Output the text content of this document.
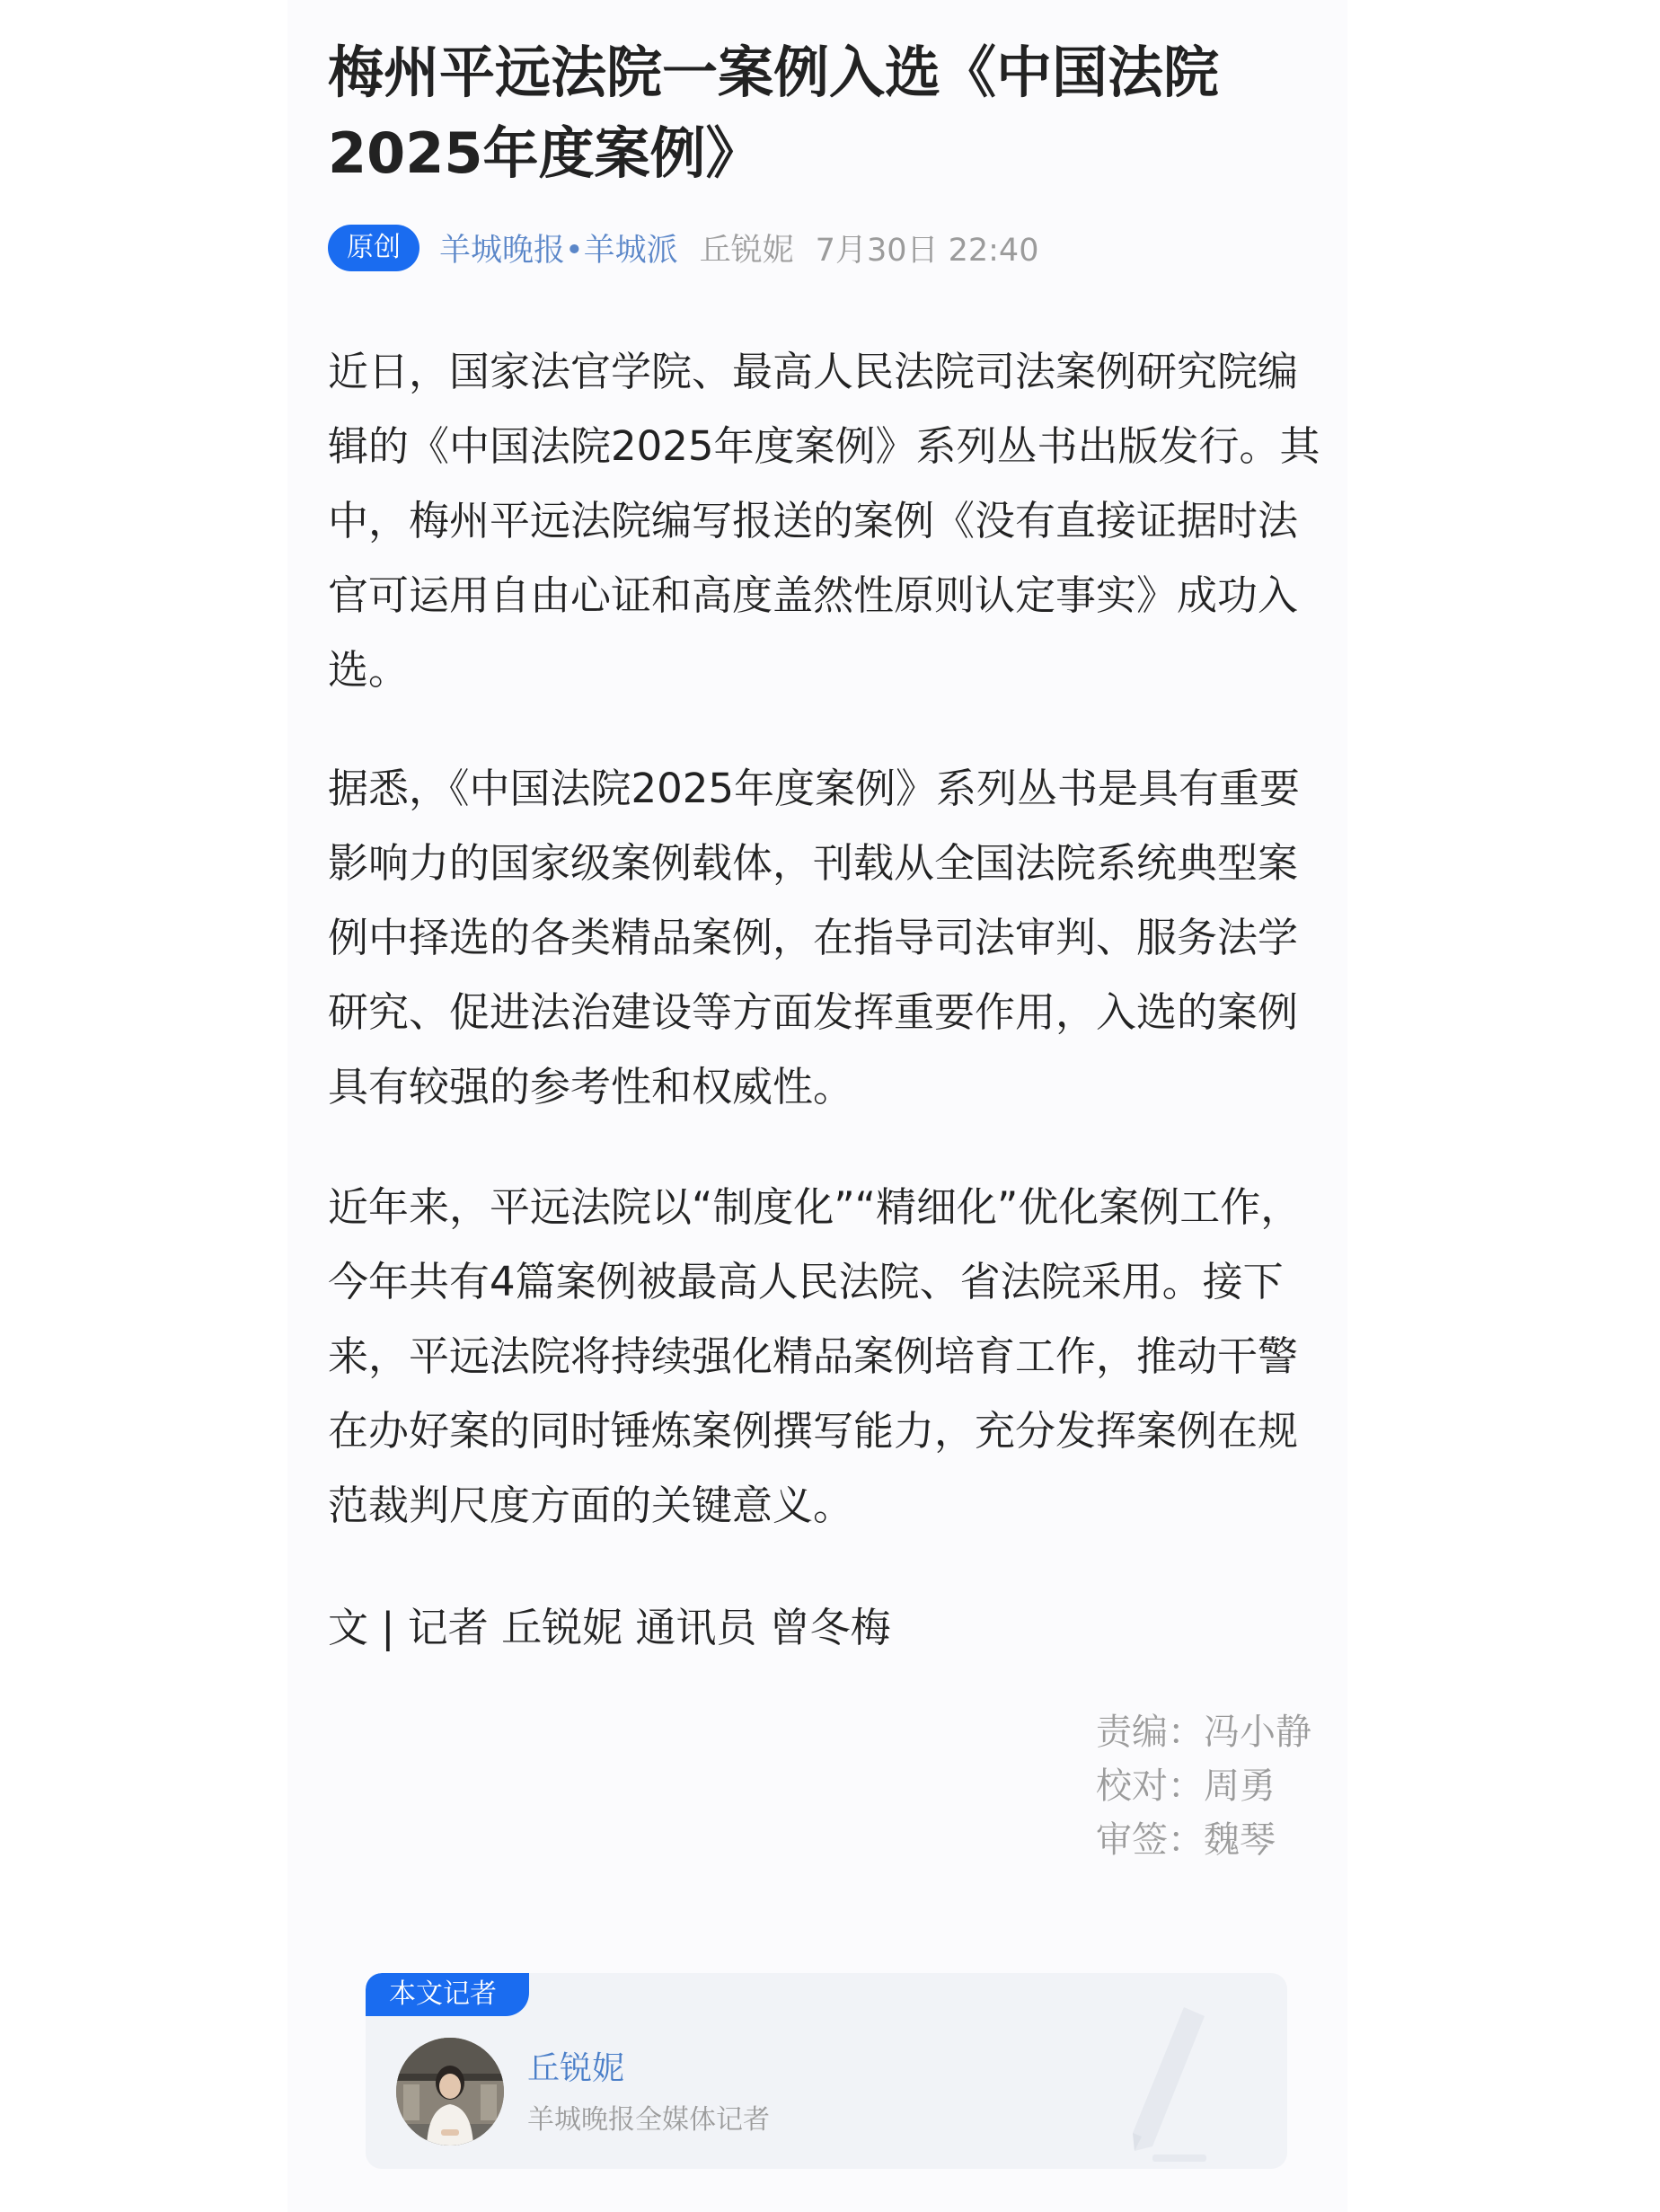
梅州平远法院一案例入选《中国法院2025年度案例》
原创	羊城晚报•羊城派 丘锐妮 7月30日 22:40

近日，国家法官学院、最高人民法院司法案例研究院编辑的《中国法院2025年度案例》系列丛书出版发行。其中，梅州平远法院编写报送的案例《没有直接证据时法官可运用自由心证和高度盖然性原则认定事实》成功入选。

据悉，《中国法院2025年度案例》系列丛书是具有重要影响力的国家级案例载体，刊载从全国法院系统典型案例中择选的各类精品案例，在指导司法审判、服务法学研究、促进法治建设等方面发挥重要作用，入选的案例具有较强的参考性和权威性。

近年来，平远法院以“制度化”“精细化”优化案例工作，今年共有4篇案例被最高人民法院、省法院采用。接下来，平远法院将持续强化精品案例培育工作，推动干警在办好案的同时锤炼案例撰写能力，充分发挥案例在规范裁判尺度方面的关键意义。

文 | 记者 丘锐妮 通讯员 曾冬梅
责编：冯小静
校对：周勇
审签：魏琴
本文记者
丘锐妮
羊城晚报全媒体记者
